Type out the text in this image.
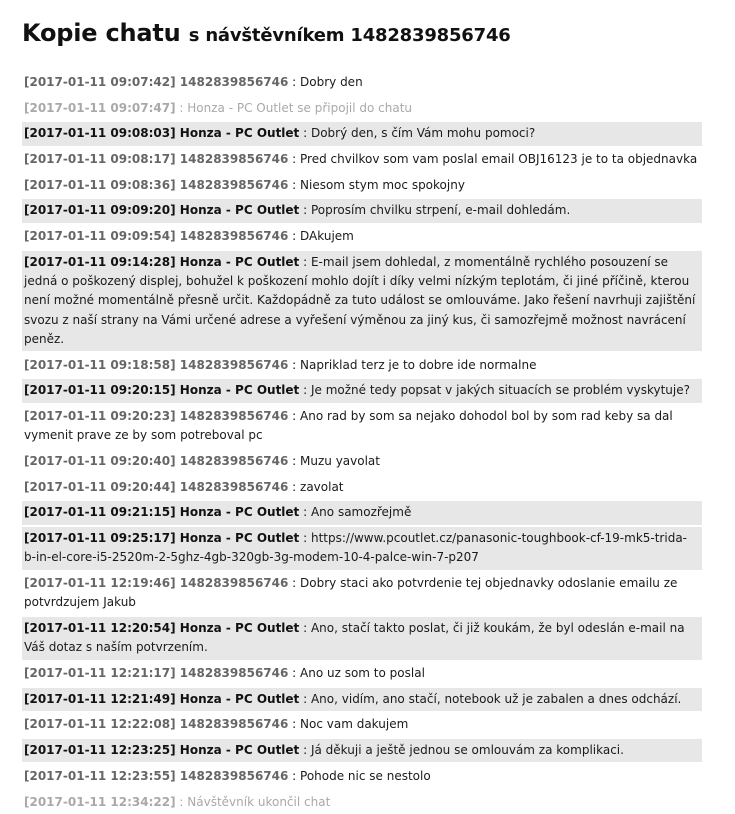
Kopie chatu s návštěvníkem 1482839856746
[2017-01-11 09:07:42] 1482839856746 : Dobry den
[2017-01-11 09:07:47] : Honza - PC Outlet se připojil do chatu
[2017-01-11 09:08:03] Honza - PC Outlet : Dobrý den, s čím Vám mohu pomoci?
[2017-01-11 09:08:17] 1482839856746 : Pred chvilkov som vam poslal email OBJ16123 je to ta objednavka
[2017-01-11 09:08:36] 1482839856746 : Niesom stym moc spokojny
[2017-01-11 09:09:20] Honza - PC Outlet : Poprosím chvilku strpení, e-mail dohledám.
[2017-01-11 09:09:54] 1482839856746 : DAkujem
[2017-01-11 09:14:28] Honza - PC Outlet : E-mail jsem dohledal, z momentálně rychlého posouzení se jedná o poškozený displej, bohužel k poškození mohlo dojít i díky velmi nízkým teplotám, či jiné příčině, kterou není možné momentálně přesně určit. Každopádně za tuto událost se omlouváme. Jako řešení navrhuji zajištění svozu z naší strany na Vámi určené adrese a vyřešení výměnou za jiný kus, či samozřejmě možnost navrácení peněz.
[2017-01-11 09:18:58] 1482839856746 : Napriklad terz je to dobre ide normalne
[2017-01-11 09:20:15] Honza - PC Outlet : Je možné tedy popsat v jakých situacích se problém vyskytuje?
[2017-01-11 09:20:23] 1482839856746 : Ano rad by som sa nejako dohodol bol by som rad keby sa dal vymenit prave ze by som potreboval pc
[2017-01-11 09:20:40] 1482839856746 : Muzu yavolat
[2017-01-11 09:20:44] 1482839856746 : zavolat
[2017-01-11 09:21:15] Honza - PC Outlet : Ano samozřejmě
[2017-01-11 09:25:17] Honza - PC Outlet : https://www.pcoutlet.cz/panasonic-toughbook-cf-19-mk5-trida-b-in-el-core-i5-2520m-2-5ghz-4gb-320gb-3g-modem-10-4-palce-win-7-p207
[2017-01-11 12:19:46] 1482839856746 : Dobry staci ako potvrdenie tej objednavky odoslanie emailu ze potvrdzujem Jakub
[2017-01-11 12:20:54] Honza - PC Outlet : Ano, stačí takto poslat, či již koukám, že byl odeslán e-mail na Váš dotaz s naším potvrzením.
[2017-01-11 12:21:17] 1482839856746 : Ano uz som to poslal
[2017-01-11 12:21:49] Honza - PC Outlet : Ano, vidím, ano stačí, notebook už je zabalen a dnes odchází.
[2017-01-11 12:22:08] 1482839856746 : Noc vam dakujem
[2017-01-11 12:23:25] Honza - PC Outlet : Já děkuji a ještě jednou se omlouvám za komplikaci.
[2017-01-11 12:23:55] 1482839856746 : Pohode nic se nestolo
[2017-01-11 12:34:22] : Návštěvník ukončil chat
